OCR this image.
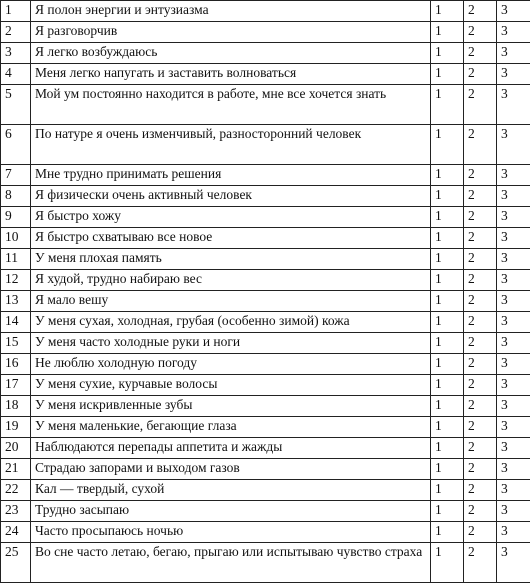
1	Я полон энергии и энтузиазма	1	2	3
2	Я разговорчив	1	2	3
3	Я легко возбуждаюсь	1	2	3
4	Меня легко напугать и заставить волноваться	1	2	3
5	Мой ум постоянно находится в работе, мне все хочется знать	1	2	3
6	По натуре я очень изменчивый, разносторонний человек	1	2	3
7	Мне трудно принимать решения	1	2	3
8	Я физически очень активный человек	1	2	3
9	Я быстро хожу	1	2	3
10	Я быстро схватываю все новое	1	2	3
11	У меня плохая память	1	2	3
12	Я худой, трудно набираю вес	1	2	3
13	Я мало вешу	1	2	3
14	У меня сухая, холодная, грубая (особенно зимой) кожа	1	2	3
15	У меня часто холодные руки и ноги	1	2	3
16	Не люблю холодную погоду	1	2	3
17	У меня сухие, курчавые волосы	1	2	3
18	У меня искривленные зубы	1	2	3
19	У меня маленькие, бегающие глаза	1	2	3
20	Наблюдаются перепады аппетита и жажды	1	2	3
21	Страдаю запорами и выходом газов	1	2	3
22	Кал — твердый, сухой	1	2	3
23	Трудно засыпаю	1	2	3
24	Часто просыпаюсь ночью	1	2	3
25	Во сне часто летаю, бегаю, прыгаю или испытываю чувство страха	1	2	3
